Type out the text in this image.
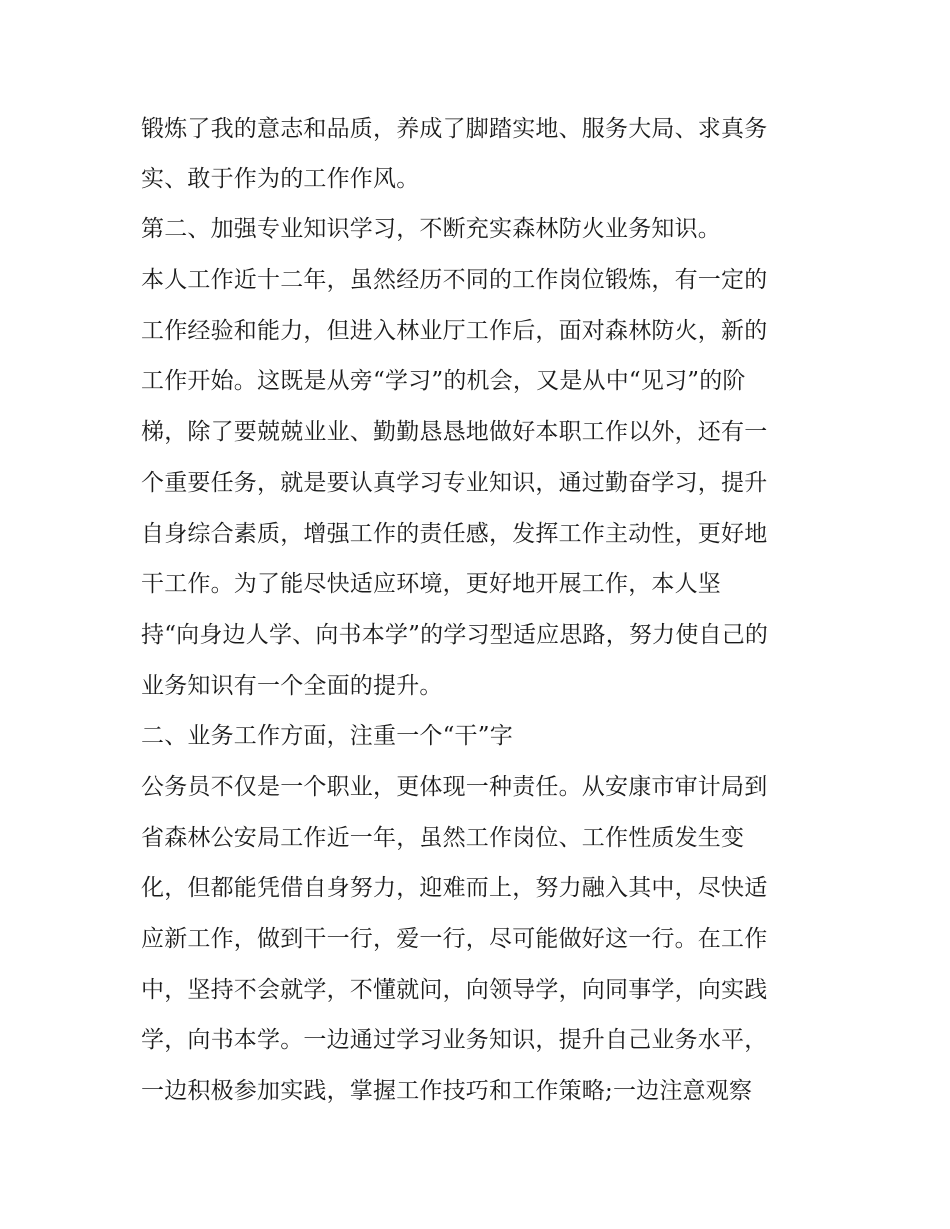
锻炼了我的意志和品质，养成了脚踏实地、服务大局、求真务
实、敢于作为的工作作风。
第二、加强专业知识学习，不断充实森林防火业务知识。
本人工作近十二年，虽然经历不同的工作岗位锻炼，有一定的
工作经验和能力，但进入林业厅工作后，面对森林防火，新的
工作开始。这既是从旁“学习”的机会，又是从中“见习”的阶
梯，除了要兢兢业业、勤勤恳恳地做好本职工作以外，还有一
个重要任务，就是要认真学习专业知识，通过勤奋学习，提升
自身综合素质，增强工作的责任感，发挥工作主动性，更好地
干工作。为了能尽快适应环境，更好地开展工作，本人坚
持“向身边人学、向书本学”的学习型适应思路，努力使自己的
业务知识有一个全面的提升。
二、业务工作方面，注重一个“干”字
公务员不仅是一个职业，更体现一种责任。从安康市审计局到
省森林公安局工作近一年，虽然工作岗位、工作性质发生变
化，但都能凭借自身努力，迎难而上，努力融入其中，尽快适
应新工作，做到干一行，爱一行，尽可能做好这一行。在工作
中，坚持不会就学，不懂就问，向领导学，向同事学，向实践
学，向书本学。一边通过学习业务知识，提升自己业务水平，
一边积极参加实践，掌握工作技巧和工作策略;一边注意观察
